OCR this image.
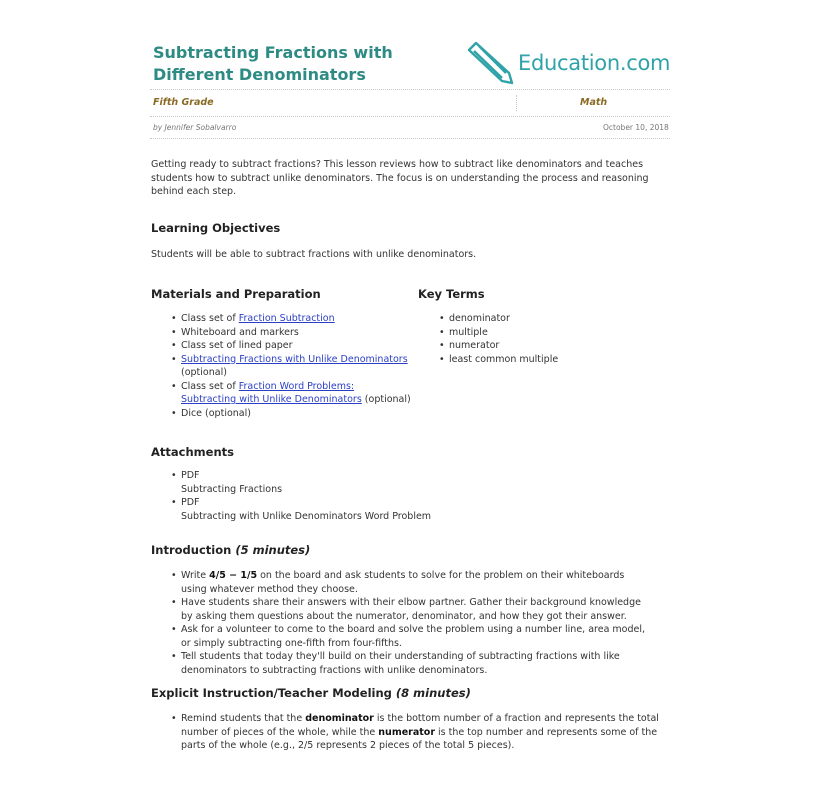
Subtracting Fractions with
Different Denominators	Education.com
Fifth Grade	Math
by Jennifer Sobalvarro	October 10, 2018

Getting ready to subtract fractions? This lesson reviews how to subtract like denominators and teaches students how to subtract unlike denominators. The focus is on understanding the process and reasoning behind each step.

Learning Objectives

Students will be able to subtract fractions with unlike denominators.

Materials and Preparation
• Class set of Fraction Subtraction
• Whiteboard and markers
• Class set of lined paper
• Subtracting Fractions with Unlike Denominators
(optional)
• Class set of Fraction Word Problems:
Subtracting with Unlike Denominators (optional)
• Dice (optional)
Key Terms
• denominator
• multiple
• numerator
• least common multiple
Attachments
• PDF
Subtracting Fractions
• PDF
Subtracting with Unlike Denominators Word Problem
Introduction (5 minutes)
• Write 4/5 − 1/5 on the board and ask students to solve for the problem on their whiteboards using whatever method they choose.
• Have students share their answers with their elbow partner. Gather their background knowledge by asking them questions about the numerator, denominator, and how they got their answer.
• Ask for a volunteer to come to the board and solve the problem using a number line, area model, or simply subtracting one-fifth from four-fifths.
• Tell students that today they'll build on their understanding of subtracting fractions with like denominators to subtracting fractions with unlike denominators.
Explicit Instruction/Teacher Modeling (8 minutes)
• Remind students that the denominator is the bottom number of a fraction and represents the total number of pieces of the whole, while the numerator is the top number and represents some of the parts of the whole (e.g., 2/5 represents 2 pieces of the total 5 pieces).
